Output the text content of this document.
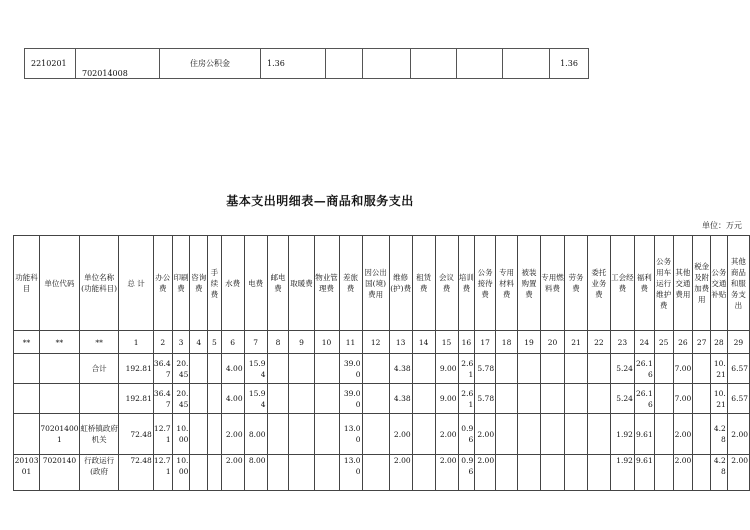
2210201	702014008	住房公积金	1.36						1.36
基本支出明细表—商品和服务支出
单位：万元
功能科目	单位代码	单位名称(功能科目)	总 计	办公费	印刷费	咨询费	手续费	水费	电费	邮电费	取暖费	物业管理费	差旅费	因公出国(境)费用	维修(护)费	租赁费	会议费	培训费	公务接待费	专用材料费	被装购置费	专用燃料费	劳务费	委托业务费	工会经费	福利费	公务用车运行维护费	其他交通费用	税金及附加费用	公务交通补贴	其他商品和服务支出
**	**	**	1	2	3	4	5	6	7	8	9	10	11	12	13	14	15	16	17	18	19	20	21	22	23	24	25	26	27	28	29
		合计	192.81	36.47	20.45			4.00	15.94				39.00		4.38		9.00	2.61	5.78						5.24	26.16		7.00		10.21	6.57
			192.81	36.47	20.45			4.00	15.94				39.00		4.38		9.00	2.61	5.78						5.24	26.16		7.00		10.21	6.57
	702014001	虹桥镇政府机关	72.48	12.71	10.00			2.00	8.00				13.00		2.00		2.00	0.96	2.00						1.92	9.61		2.00		4.28	2.00
2010301	7020140	行政运行(政府	72.48	12.71	10.00			2.00	8.00				13.00		2.00		2.00	0.96	2.00						1.92	9.61		2.00		4.28	2.00
